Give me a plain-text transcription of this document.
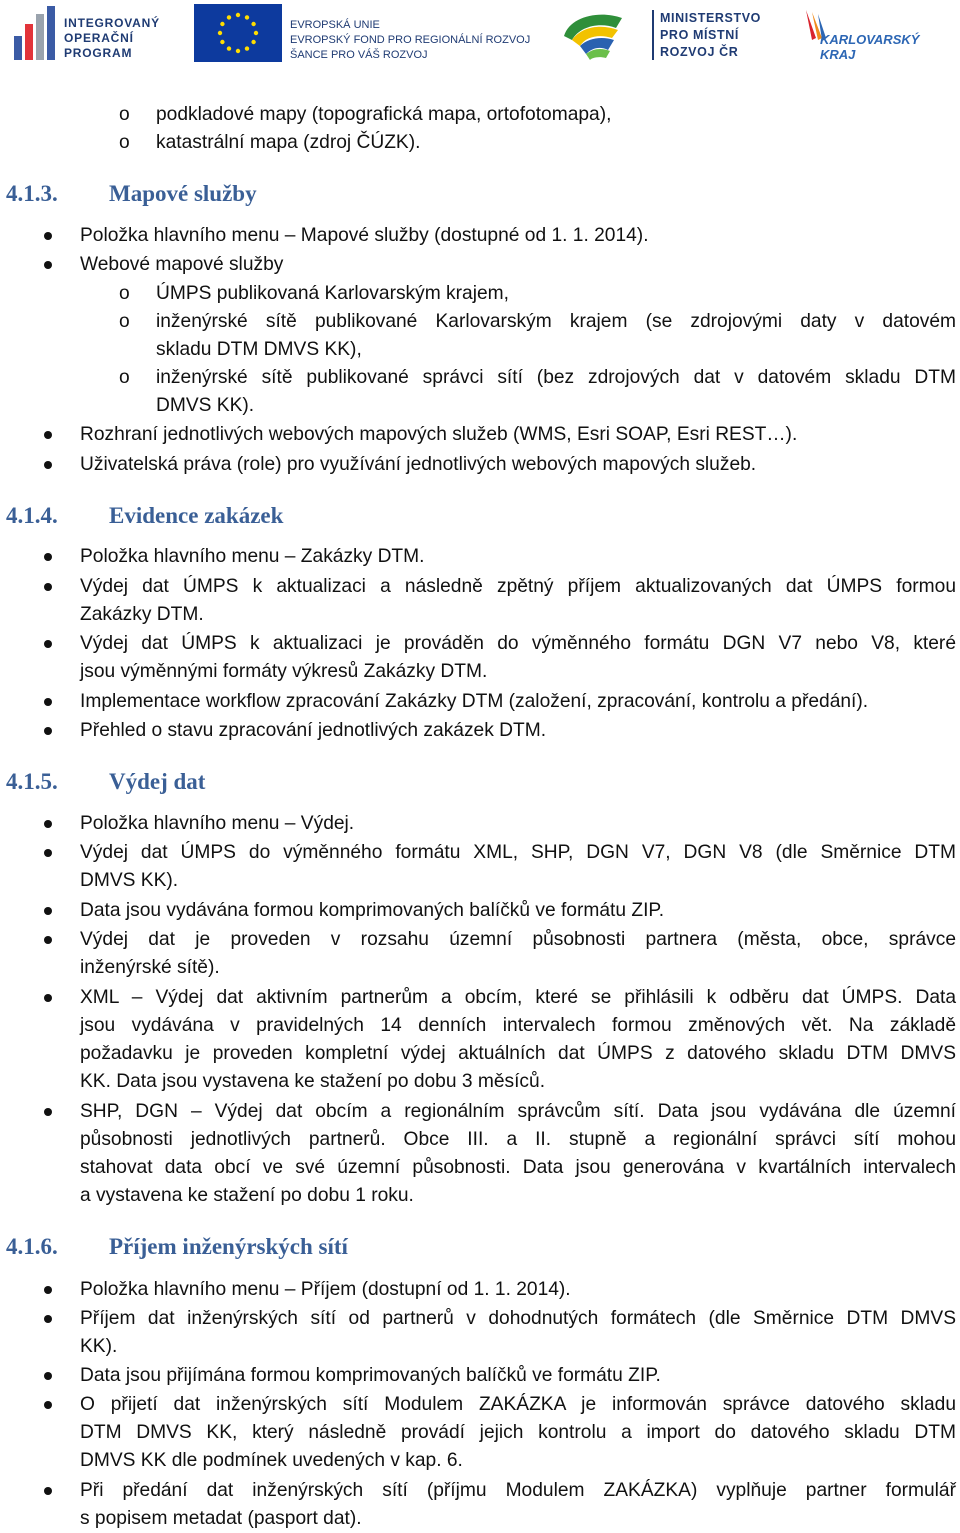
INTEGROVANÝ
OPERAČNÍ
PROGRAM
EVROPSKÁ UNIE
EVROPSKÝ FOND PRO REGIONÁLNÍ ROZVOJ
ŠANCE PRO VÁŠ ROZVOJ
MINISTERSTVO
PRO MÍSTNÍ
ROZVOJ ČR
KARLOVARSKÝ
KRAJ
o podkladové mapy (topografická mapa, ortofotomapa),
o katastrální mapa (zdroj ČÚZK).
4.1.3. Mapové služby
Položka hlavního menu – Mapové služby (dostupné od 1. 1. 2014).
Webové mapové služby
o ÚMPS publikovaná Karlovarským krajem,
o inženýrské sítě publikované Karlovarským krajem (se zdrojovými daty v datovém
skladu DTM DMVS KK),
o inženýrské sítě publikované správci sítí (bez zdrojových dat v datovém skladu DTM
DMVS KK).
Rozhraní jednotlivých webových mapových služeb (WMS, Esri SOAP, Esri REST…).
Uživatelská práva (role) pro využívání jednotlivých webových mapových služeb.
4.1.4. Evidence zakázek
Položka hlavního menu – Zakázky DTM.
Výdej dat ÚMPS k aktualizaci a následně zpětný příjem aktualizovaných dat ÚMPS formou
Zakázky DTM.
Výdej dat ÚMPS k aktualizaci je prováděn do výměnného formátu DGN V7 nebo V8, které
jsou výměnnými formáty výkresů Zakázky DTM.
Implementace workflow zpracování Zakázky DTM (založení, zpracování, kontrolu a předání).
Přehled o stavu zpracování jednotlivých zakázek DTM.
4.1.5. Výdej dat
Položka hlavního menu – Výdej.
Výdej dat ÚMPS do výměnného formátu XML, SHP, DGN V7, DGN V8 (dle Směrnice DTM
DMVS KK).
Data jsou vydávána formou komprimovaných balíčků ve formátu ZIP.
Výdej dat je proveden v rozsahu územní působnosti partnera (města, obce, správce
inženýrské sítě).
XML – Výdej dat aktivním partnerům a obcím, které se přihlásili k odběru dat ÚMPS. Data
jsou vydávána v pravidelných 14 denních intervalech formou změnových vět. Na základě
požadavku je proveden kompletní výdej aktuálních dat ÚMPS z datového skladu DTM DMVS
KK. Data jsou vystavena ke stažení po dobu 3 měsíců.
SHP, DGN – Výdej dat obcím a regionálním správcům sítí. Data jsou vydávána dle územní
působnosti jednotlivých partnerů. Obce III. a II. stupně a regionální správci sítí mohou
stahovat data obcí ve své územní působnosti. Data jsou generována v kvartálních intervalech
a vystavena ke stažení po dobu 1 roku.
4.1.6. Příjem inženýrských sítí
Položka hlavního menu – Příjem (dostupní od 1. 1. 2014).
Příjem dat inženýrských sítí od partnerů v dohodnutých formátech (dle Směrnice DTM DMVS
KK).
Data jsou přijímána formou komprimovaných balíčků ve formátu ZIP.
O přijetí dat inženýrských sítí Modulem ZAKÁZKA je informován správce datového skladu
DTM DMVS KK, který následně provádí jejich kontrolu a import do datového skladu DTM
DMVS KK dle podmínek uvedených v kap. 6.
Při předání dat inženýrských sítí (příjmu Modulem ZAKÁZKA) vyplňuje partner formulář
s popisem metadat (pasport dat).
